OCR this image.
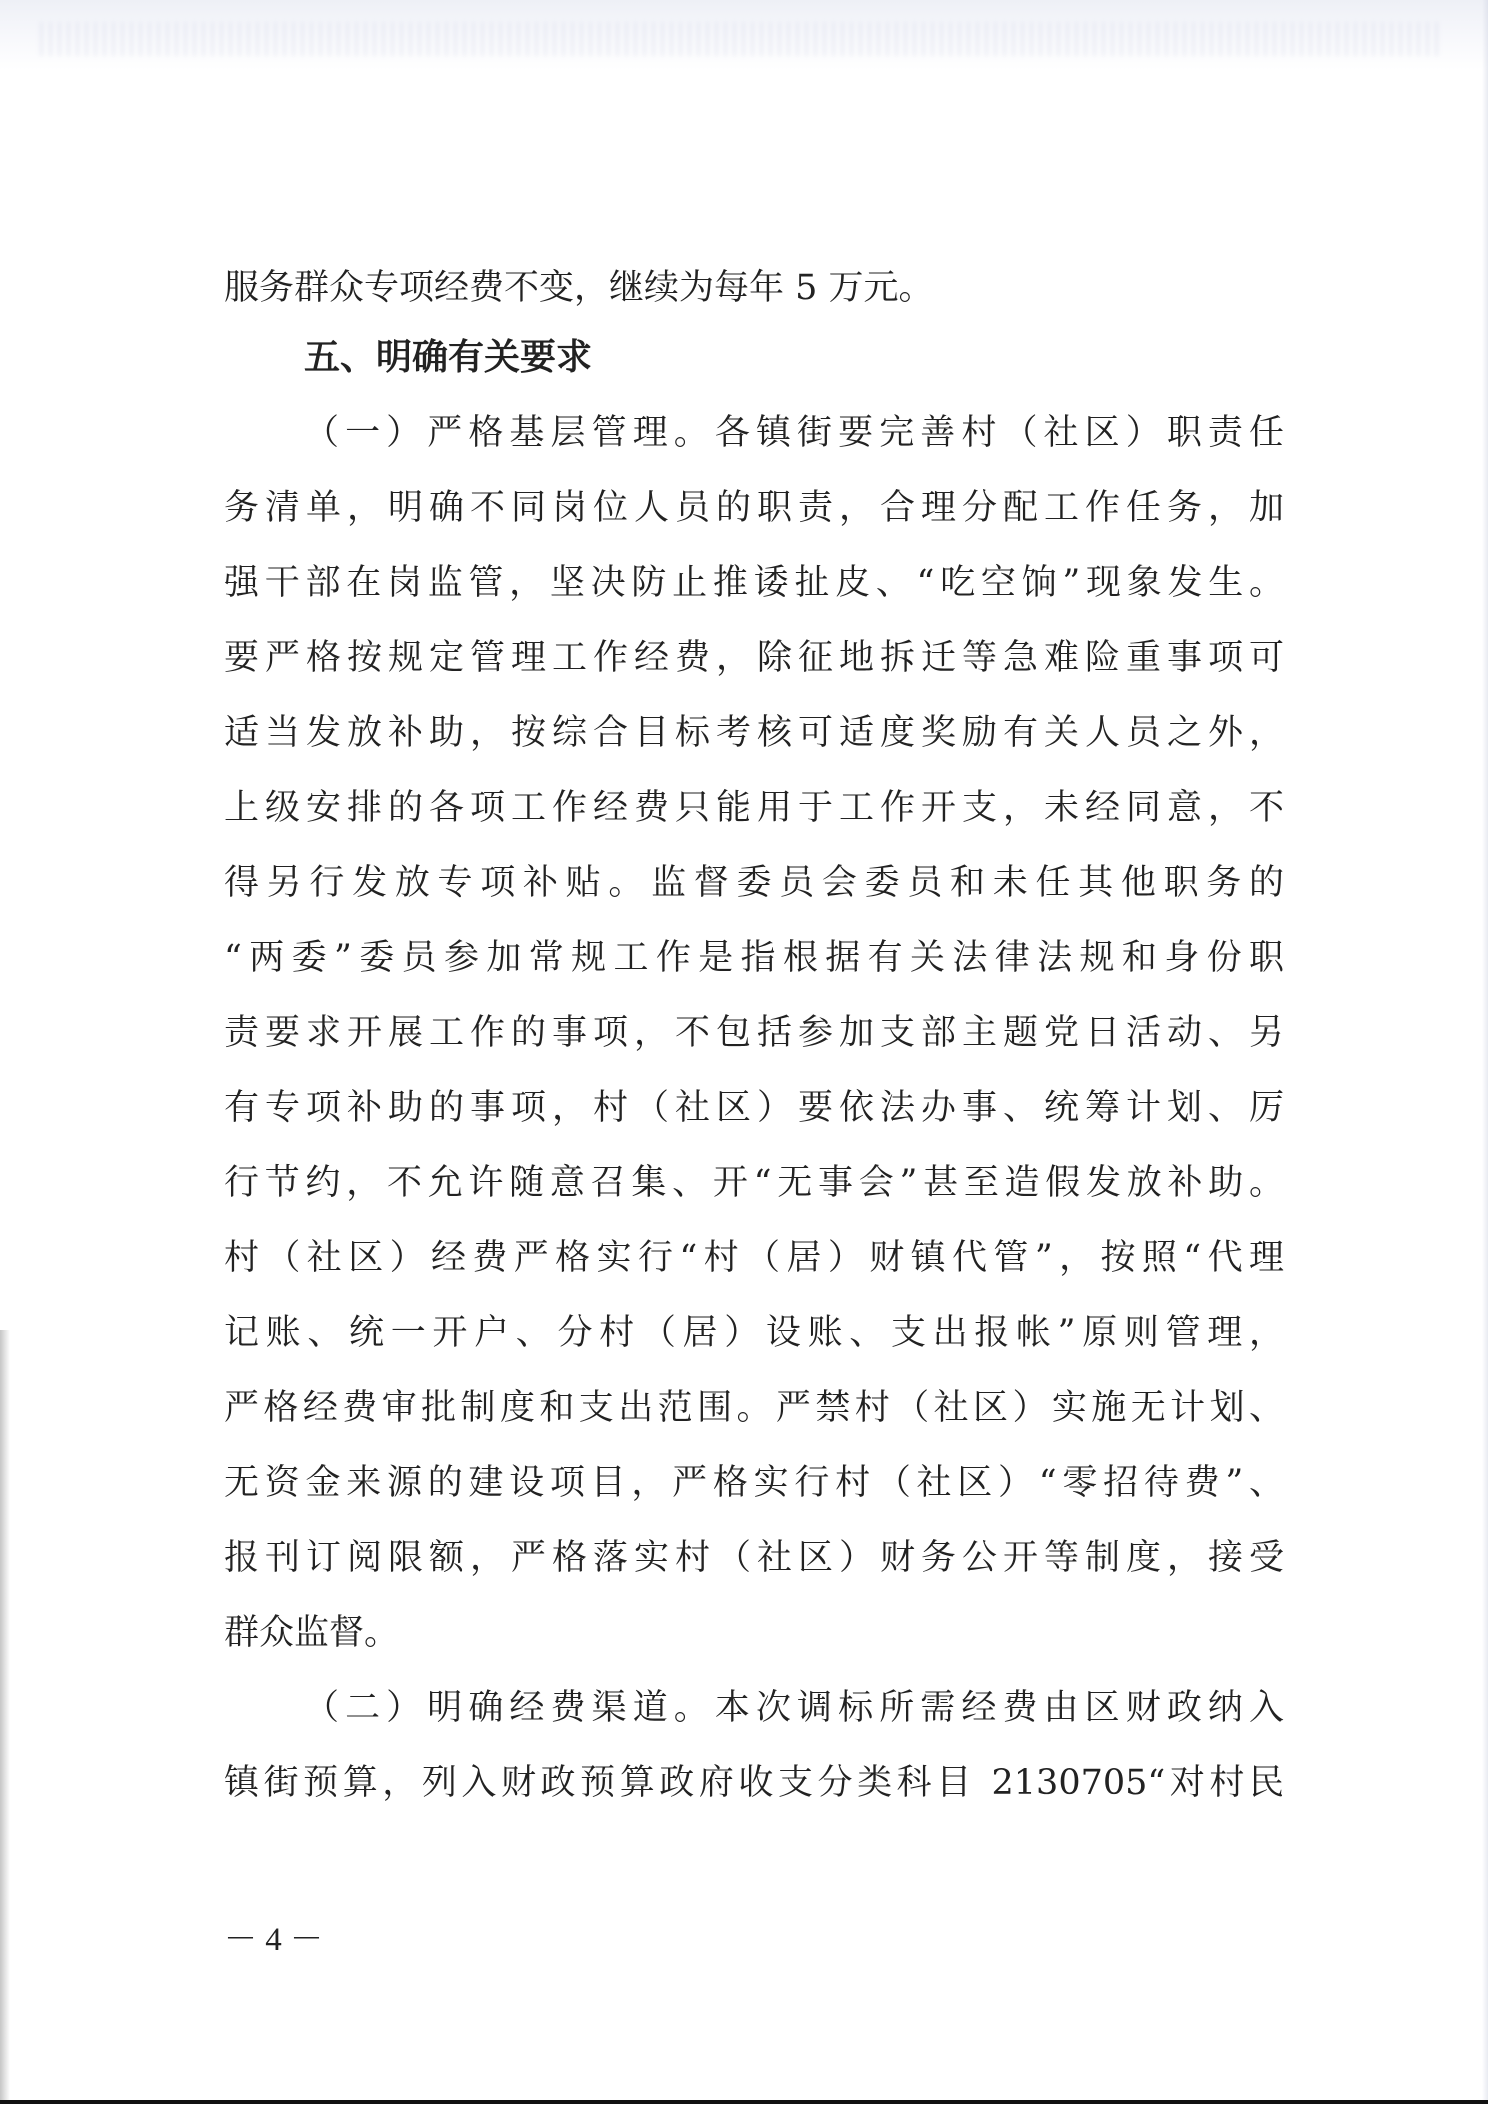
服务群众专项经费不变，继续为每年 5 万元。
五、明确有关要求
（一）严格基层管理。各镇街要完善村（社区）职责任
务清单，明确不同岗位人员的职责，合理分配工作任务，加
强干部在岗监管，坚决防止推诿扯皮、“吃空饷”现象发生。
要严格按规定管理工作经费，除征地拆迁等急难险重事项可
适当发放补助，按综合目标考核可适度奖励有关人员之外，
上级安排的各项工作经费只能用于工作开支，未经同意，不
得另行发放专项补贴。监督委员会委员和未任其他职务的
“两委”委员参加常规工作是指根据有关法律法规和身份职
责要求开展工作的事项，不包括参加支部主题党日活动、另
有专项补助的事项，村（社区）要依法办事、统筹计划、厉
行节约，不允许随意召集、开“无事会”甚至造假发放补助。
村（社区）经费严格实行“村（居）财镇代管”，按照“代理
记账、统一开户、分村（居）设账、支出报帐”原则管理，
严格经费审批制度和支出范围。严禁村（社区）实施无计划、
无资金来源的建设项目，严格实行村（社区）“零招待费”、
报刊订阅限额，严格落实村（社区）财务公开等制度，接受
群众监督。
（二）明确经费渠道。本次调标所需经费由区财政纳入
镇街预算，列入财政预算政府收支分类科目 2130705“对村民
－ 4 －
